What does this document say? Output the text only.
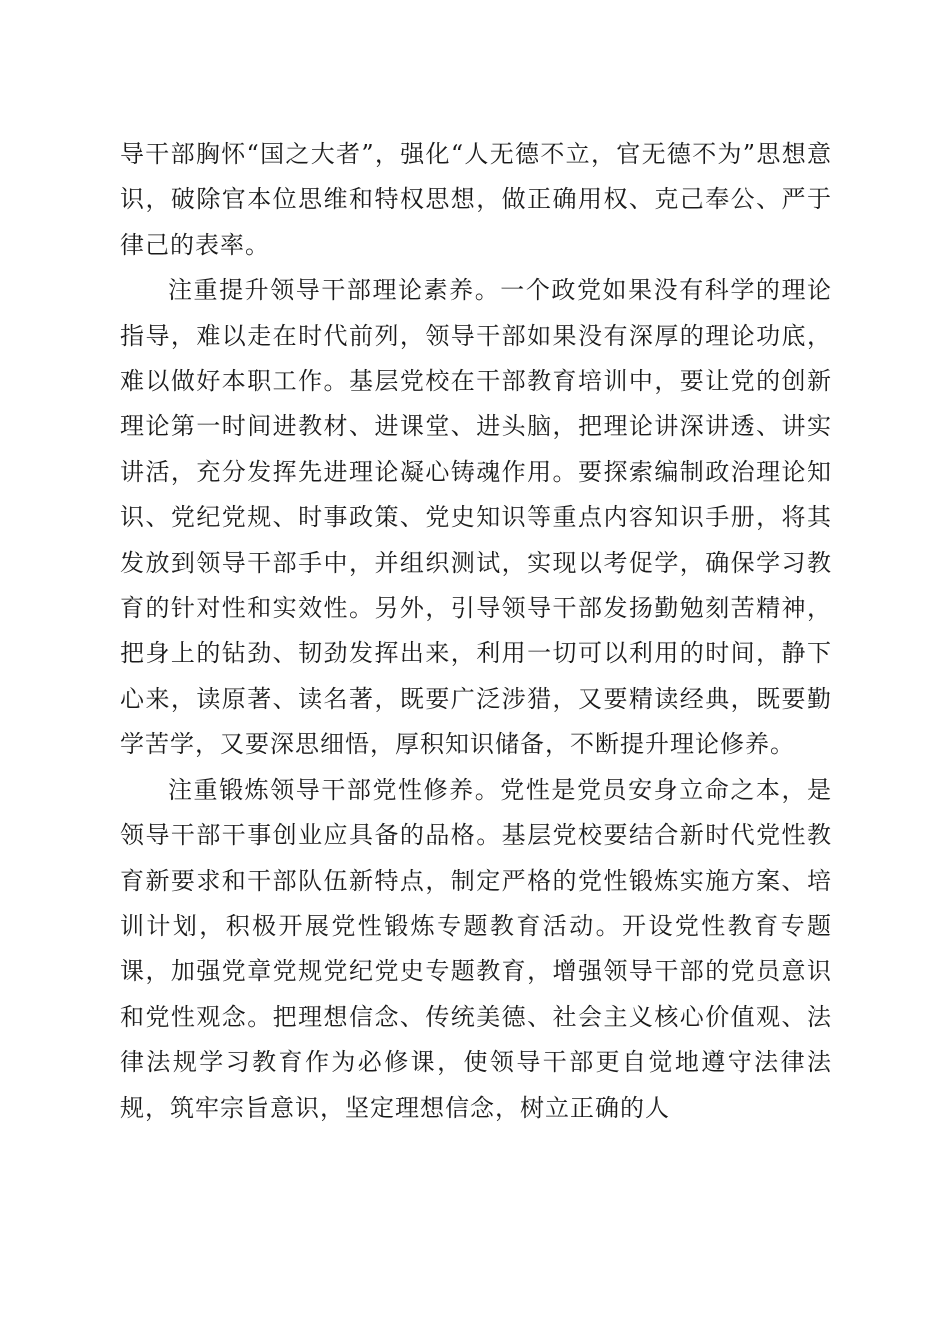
导干部胸怀“国之大者”，强化“人无德不立，官无德不为”思想意识，破除官本位思维和特权思想，做正确用权、克己奉公、严于律己的表率。

注重提升领导干部理论素养。一个政党如果没有科学的理论指导，难以走在时代前列，领导干部如果没有深厚的理论功底，难以做好本职工作。基层党校在干部教育培训中，要让党的创新理论第一时间进教材、进课堂、进头脑，把理论讲深讲透、讲实讲活，充分发挥先进理论凝心铸魂作用。要探索编制政治理论知识、党纪党规、时事政策、党史知识等重点内容知识手册，将其发放到领导干部手中，并组织测试，实现以考促学，确保学习教育的针对性和实效性。另外，引导领导干部发扬勤勉刻苦精神，把身上的钻劲、韧劲发挥出来，利用一切可以利用的时间，静下心来，读原著、读名著，既要广泛涉猎，又要精读经典，既要勤学苦学，又要深思细悟，厚积知识储备，不断提升理论修养。

注重锻炼领导干部党性修养。党性是党员安身立命之本，是领导干部干事创业应具备的品格。基层党校要结合新时代党性教育新要求和干部队伍新特点，制定严格的党性锻炼实施方案、培训计划，积极开展党性锻炼专题教育活动。开设党性教育专题课，加强党章党规党纪党史专题教育，增强领导干部的党员意识和党性观念。把理想信念、传统美德、社会主义核心价值观、法律法规学习教育作为必修课，使领导干部更自觉地遵守法律法规，筑牢宗旨意识，坚定理想信念，树立正确的人
